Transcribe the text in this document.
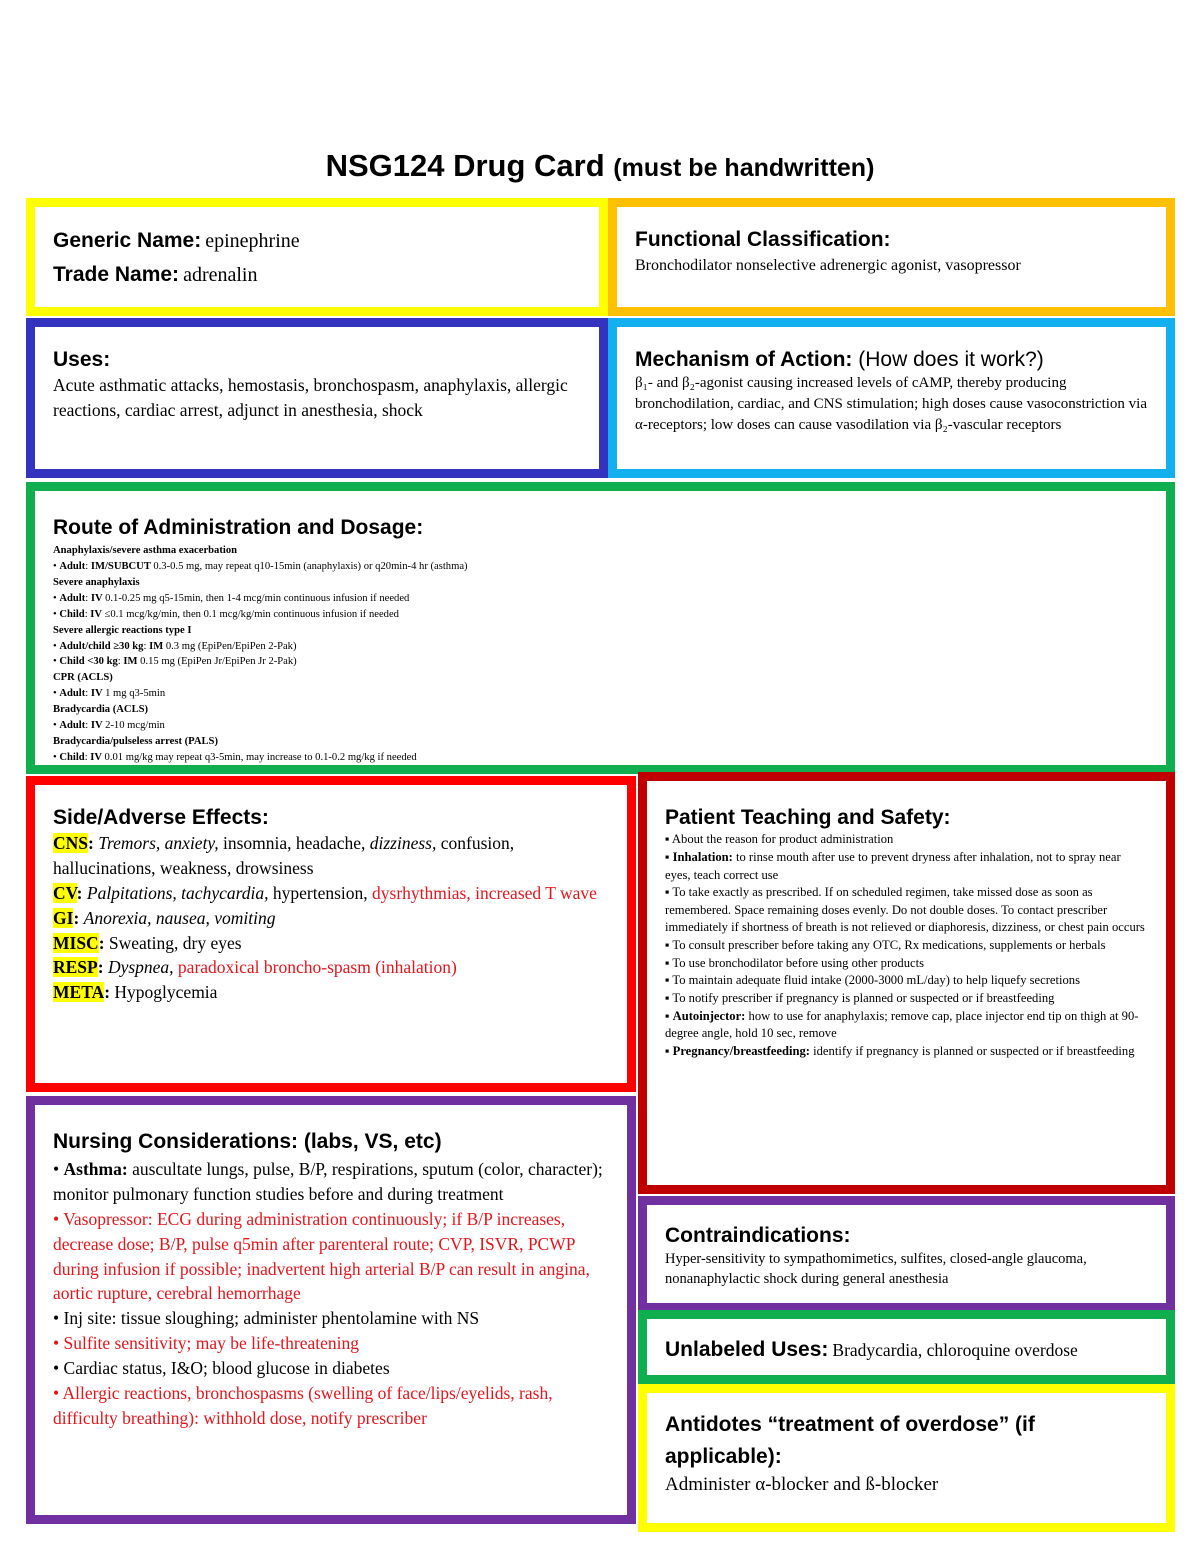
NSG124 Drug Card (must be handwritten)
Generic Name: epinephrine
Trade Name: adrenalin
Functional Classification:
Bronchodilator nonselective adrenergic agonist, vasopressor
Uses:
Acute asthmatic attacks, hemostasis, bronchospasm, anaphylaxis, allergic reactions, cardiac arrest, adjunct in anesthesia, shock
Mechanism of Action: (How does it work?)
β₁- and β₂-agonist causing increased levels of cAMP, thereby producing bronchodilation, cardiac, and CNS stimulation; high doses cause vasoconstriction via α-receptors; low doses can cause vasodilation via β₂-vascular receptors
Route of Administration and Dosage:
Anaphylaxis/severe asthma exacerbation
• Adult: IM/SUBCUT 0.3-0.5 mg, may repeat q10-15min (anaphylaxis) or q20min-4 hr (asthma)
Severe anaphylaxis
• Adult: IV 0.1-0.25 mg q5-15min, then 1-4 mcg/min continuous infusion if needed
• Child: IV ≤0.1 mcg/kg/min, then 0.1 mcg/kg/min continuous infusion if needed
Severe allergic reactions type I
• Adult/child ≥30 kg: IM 0.3 mg (EpiPen/EpiPen 2-Pak)
• Child <30 kg: IM 0.15 mg (EpiPen Jr/EpiPen Jr 2-Pak)
CPR (ACLS)
• Adult: IV 1 mg q3-5min
Bradycardia (ACLS)
• Adult: IV 2-10 mcg/min
Bradycardia/pulseless arrest (PALS)
• Child: IV 0.01 mg/kg may repeat q3-5min, may increase to 0.1-0.2 mg/kg if needed
Side/Adverse Effects:
CNS: Tremors, anxiety, insomnia, headache, dizziness, confusion, hallucinations, weakness, drowsiness
CV: Palpitations, tachycardia, hypertension, dysrhythmias, increased T wave
GI: Anorexia, nausea, vomiting
MISC: Sweating, dry eyes
RESP: Dyspnea, paradoxical broncho-spasm (inhalation)
META: Hypoglycemia
Patient Teaching and Safety:
▪ About the reason for product administration
▪ Inhalation: to rinse mouth after use to prevent dryness after inhalation, not to spray near eyes, teach correct use
▪ To take exactly as prescribed. If on scheduled regimen, take missed dose as soon as remembered. Space remaining doses evenly. Do not double doses. To contact prescriber immediately if shortness of breath is not relieved or diaphoresis, dizziness, or chest pain occurs
▪ To consult prescriber before taking any OTC, Rx medications, supplements or herbals
▪ To use bronchodilator before using other products
▪ To maintain adequate fluid intake (2000-3000 mL/day) to help liquefy secretions
▪ To notify prescriber if pregnancy is planned or suspected or if breastfeeding
▪ Autoinjector: how to use for anaphylaxis; remove cap, place injector end tip on thigh at 90-degree angle, hold 10 sec, remove
▪ Pregnancy/breastfeeding: identify if pregnancy is planned or suspected or if breastfeeding
Nursing Considerations: (labs, VS, etc)
• Asthma: auscultate lungs, pulse, B/P, respirations, sputum (color, character); monitor pulmonary function studies before and during treatment
• Vasopressor: ECG during administration continuously; if B/P increases, decrease dose; B/P, pulse q5min after parenteral route; CVP, ISVR, PCWP during infusion if possible; inadvertent high arterial B/P can result in angina, aortic rupture, cerebral hemorrhage
• Inj site: tissue sloughing; administer phentolamine with NS
• Sulfite sensitivity; may be life-threatening
• Cardiac status, I&O; blood glucose in diabetes
• Allergic reactions, bronchospasms (swelling of face/lips/eyelids, rash, difficulty breathing): withhold dose, notify prescriber
Contraindications:
Hyper-sensitivity to sympathomimetics, sulfites, closed-angle glaucoma, nonanaphylactic shock during general anesthesia
Unlabeled Uses: Bradycardia, chloroquine overdose
Antidotes “treatment of overdose” (if applicable):
Administer α-blocker and ß-blocker
